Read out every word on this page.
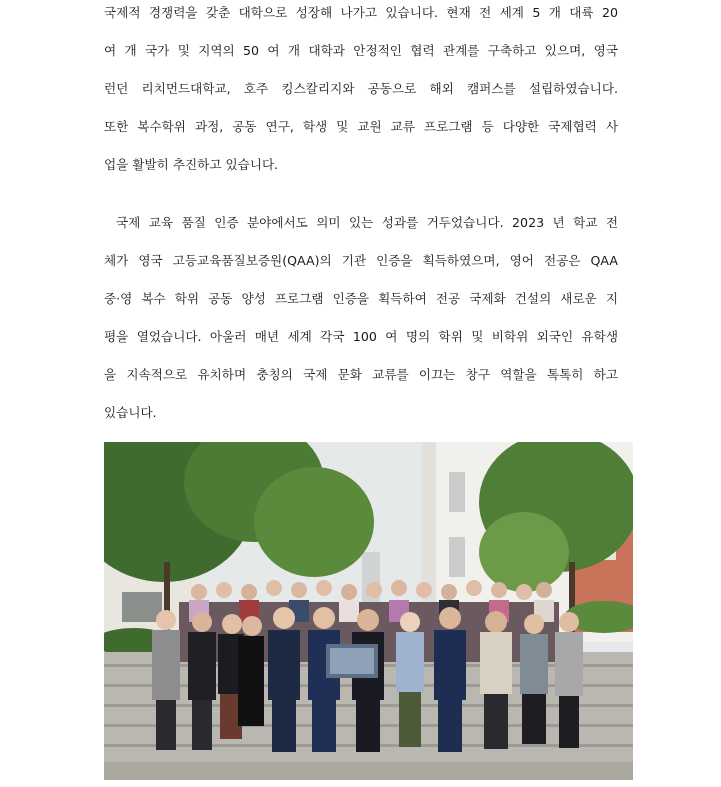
국제적 경쟁력을 갖춘 대학으로 성장해 나가고 있습니다. 현재 전 세계 5 개 대륙 20
여 개 국가 및 지역의 50 여 개 대학과 안정적인 협력 관계를 구축하고 있으며, 영국
런던 리치먼드대학교, 호주 킹스칼리지와 공동으로 해외 캠퍼스를 설립하였습니다.
또한 복수학위 과정, 공동 연구, 학생 및 교원 교류 프로그램 등 다양한 국제협력 사
업을 활발히 추진하고 있습니다.
국제 교육 품질 인증 분야에서도 의미 있는 성과를 거두었습니다. 2023 년 학교 전
체가 영국 고등교육품질보증원(QAA)의 기관 인증을 획득하였으며, 영어 전공은 QAA
중·영 복수 학위 공동 양성 프로그램 인증을 획득하여 전공 국제화 건설의 새로운 지
평을 열었습니다. 아울러 매년 세계 각국 100 여 명의 학위 및 비학위 외국인 유학생
을 지속적으로 유치하며 충칭의 국제 문화 교류를 이끄는 창구 역할을 톡톡히 하고
있습니다.
